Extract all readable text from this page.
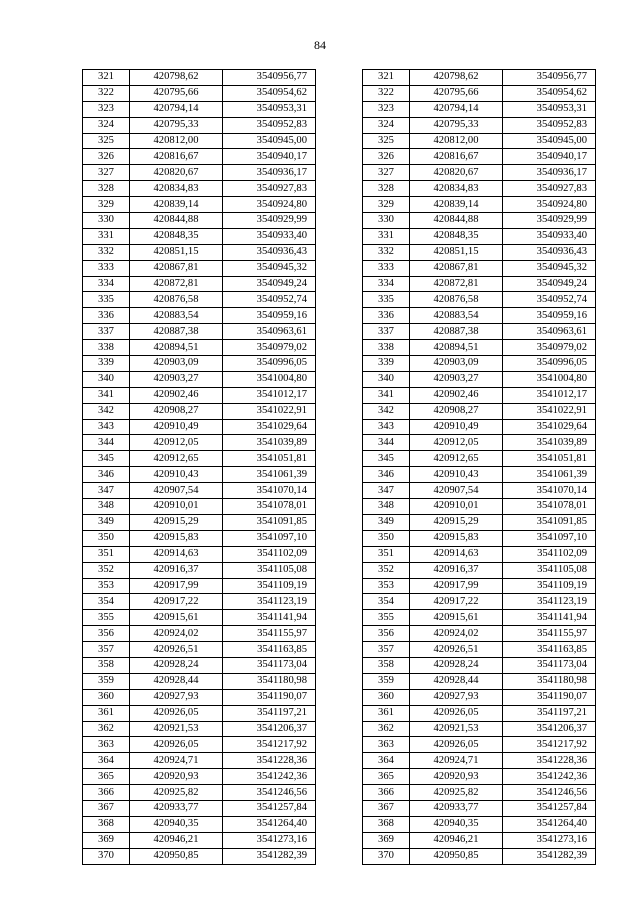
84
321	420798,62	3540956,77		321	420798,62	3540956,77
322	420795,66	3540954,62		322	420795,66	3540954,62
323	420794,14	3540953,31		323	420794,14	3540953,31
324	420795,33	3540952,83		324	420795,33	3540952,83
325	420812,00	3540945,00		325	420812,00	3540945,00
326	420816,67	3540940,17		326	420816,67	3540940,17
327	420820,67	3540936,17		327	420820,67	3540936,17
328	420834,83	3540927,83		328	420834,83	3540927,83
329	420839,14	3540924,80		329	420839,14	3540924,80
330	420844,88	3540929,99		330	420844,88	3540929,99
331	420848,35	3540933,40		331	420848,35	3540933,40
332	420851,15	3540936,43		332	420851,15	3540936,43
333	420867,81	3540945,32		333	420867,81	3540945,32
334	420872,81	3540949,24		334	420872,81	3540949,24
335	420876,58	3540952,74		335	420876,58	3540952,74
336	420883,54	3540959,16		336	420883,54	3540959,16
337	420887,38	3540963,61		337	420887,38	3540963,61
338	420894,51	3540979,02		338	420894,51	3540979,02
339	420903,09	3540996,05		339	420903,09	3540996,05
340	420903,27	3541004,80		340	420903,27	3541004,80
341	420902,46	3541012,17		341	420902,46	3541012,17
342	420908,27	3541022,91		342	420908,27	3541022,91
343	420910,49	3541029,64		343	420910,49	3541029,64
344	420912,05	3541039,89		344	420912,05	3541039,89
345	420912,65	3541051,81		345	420912,65	3541051,81
346	420910,43	3541061,39		346	420910,43	3541061,39
347	420907,54	3541070,14		347	420907,54	3541070,14
348	420910,01	3541078,01		348	420910,01	3541078,01
349	420915,29	3541091,85		349	420915,29	3541091,85
350	420915,83	3541097,10		350	420915,83	3541097,10
351	420914,63	3541102,09		351	420914,63	3541102,09
352	420916,37	3541105,08		352	420916,37	3541105,08
353	420917,99	3541109,19		353	420917,99	3541109,19
354	420917,22	3541123,19		354	420917,22	3541123,19
355	420915,61	3541141,94		355	420915,61	3541141,94
356	420924,02	3541155,97		356	420924,02	3541155,97
357	420926,51	3541163,85		357	420926,51	3541163,85
358	420928,24	3541173,04		358	420928,24	3541173,04
359	420928,44	3541180,98		359	420928,44	3541180,98
360	420927,93	3541190,07		360	420927,93	3541190,07
361	420926,05	3541197,21		361	420926,05	3541197,21
362	420921,53	3541206,37		362	420921,53	3541206,37
363	420926,05	3541217,92		363	420926,05	3541217,92
364	420924,71	3541228,36		364	420924,71	3541228,36
365	420920,93	3541242,36		365	420920,93	3541242,36
366	420925,82	3541246,56		366	420925,82	3541246,56
367	420933,77	3541257,84		367	420933,77	3541257,84
368	420940,35	3541264,40		368	420940,35	3541264,40
369	420946,21	3541273,16		369	420946,21	3541273,16
370	420950,85	3541282,39		370	420950,85	3541282,39
